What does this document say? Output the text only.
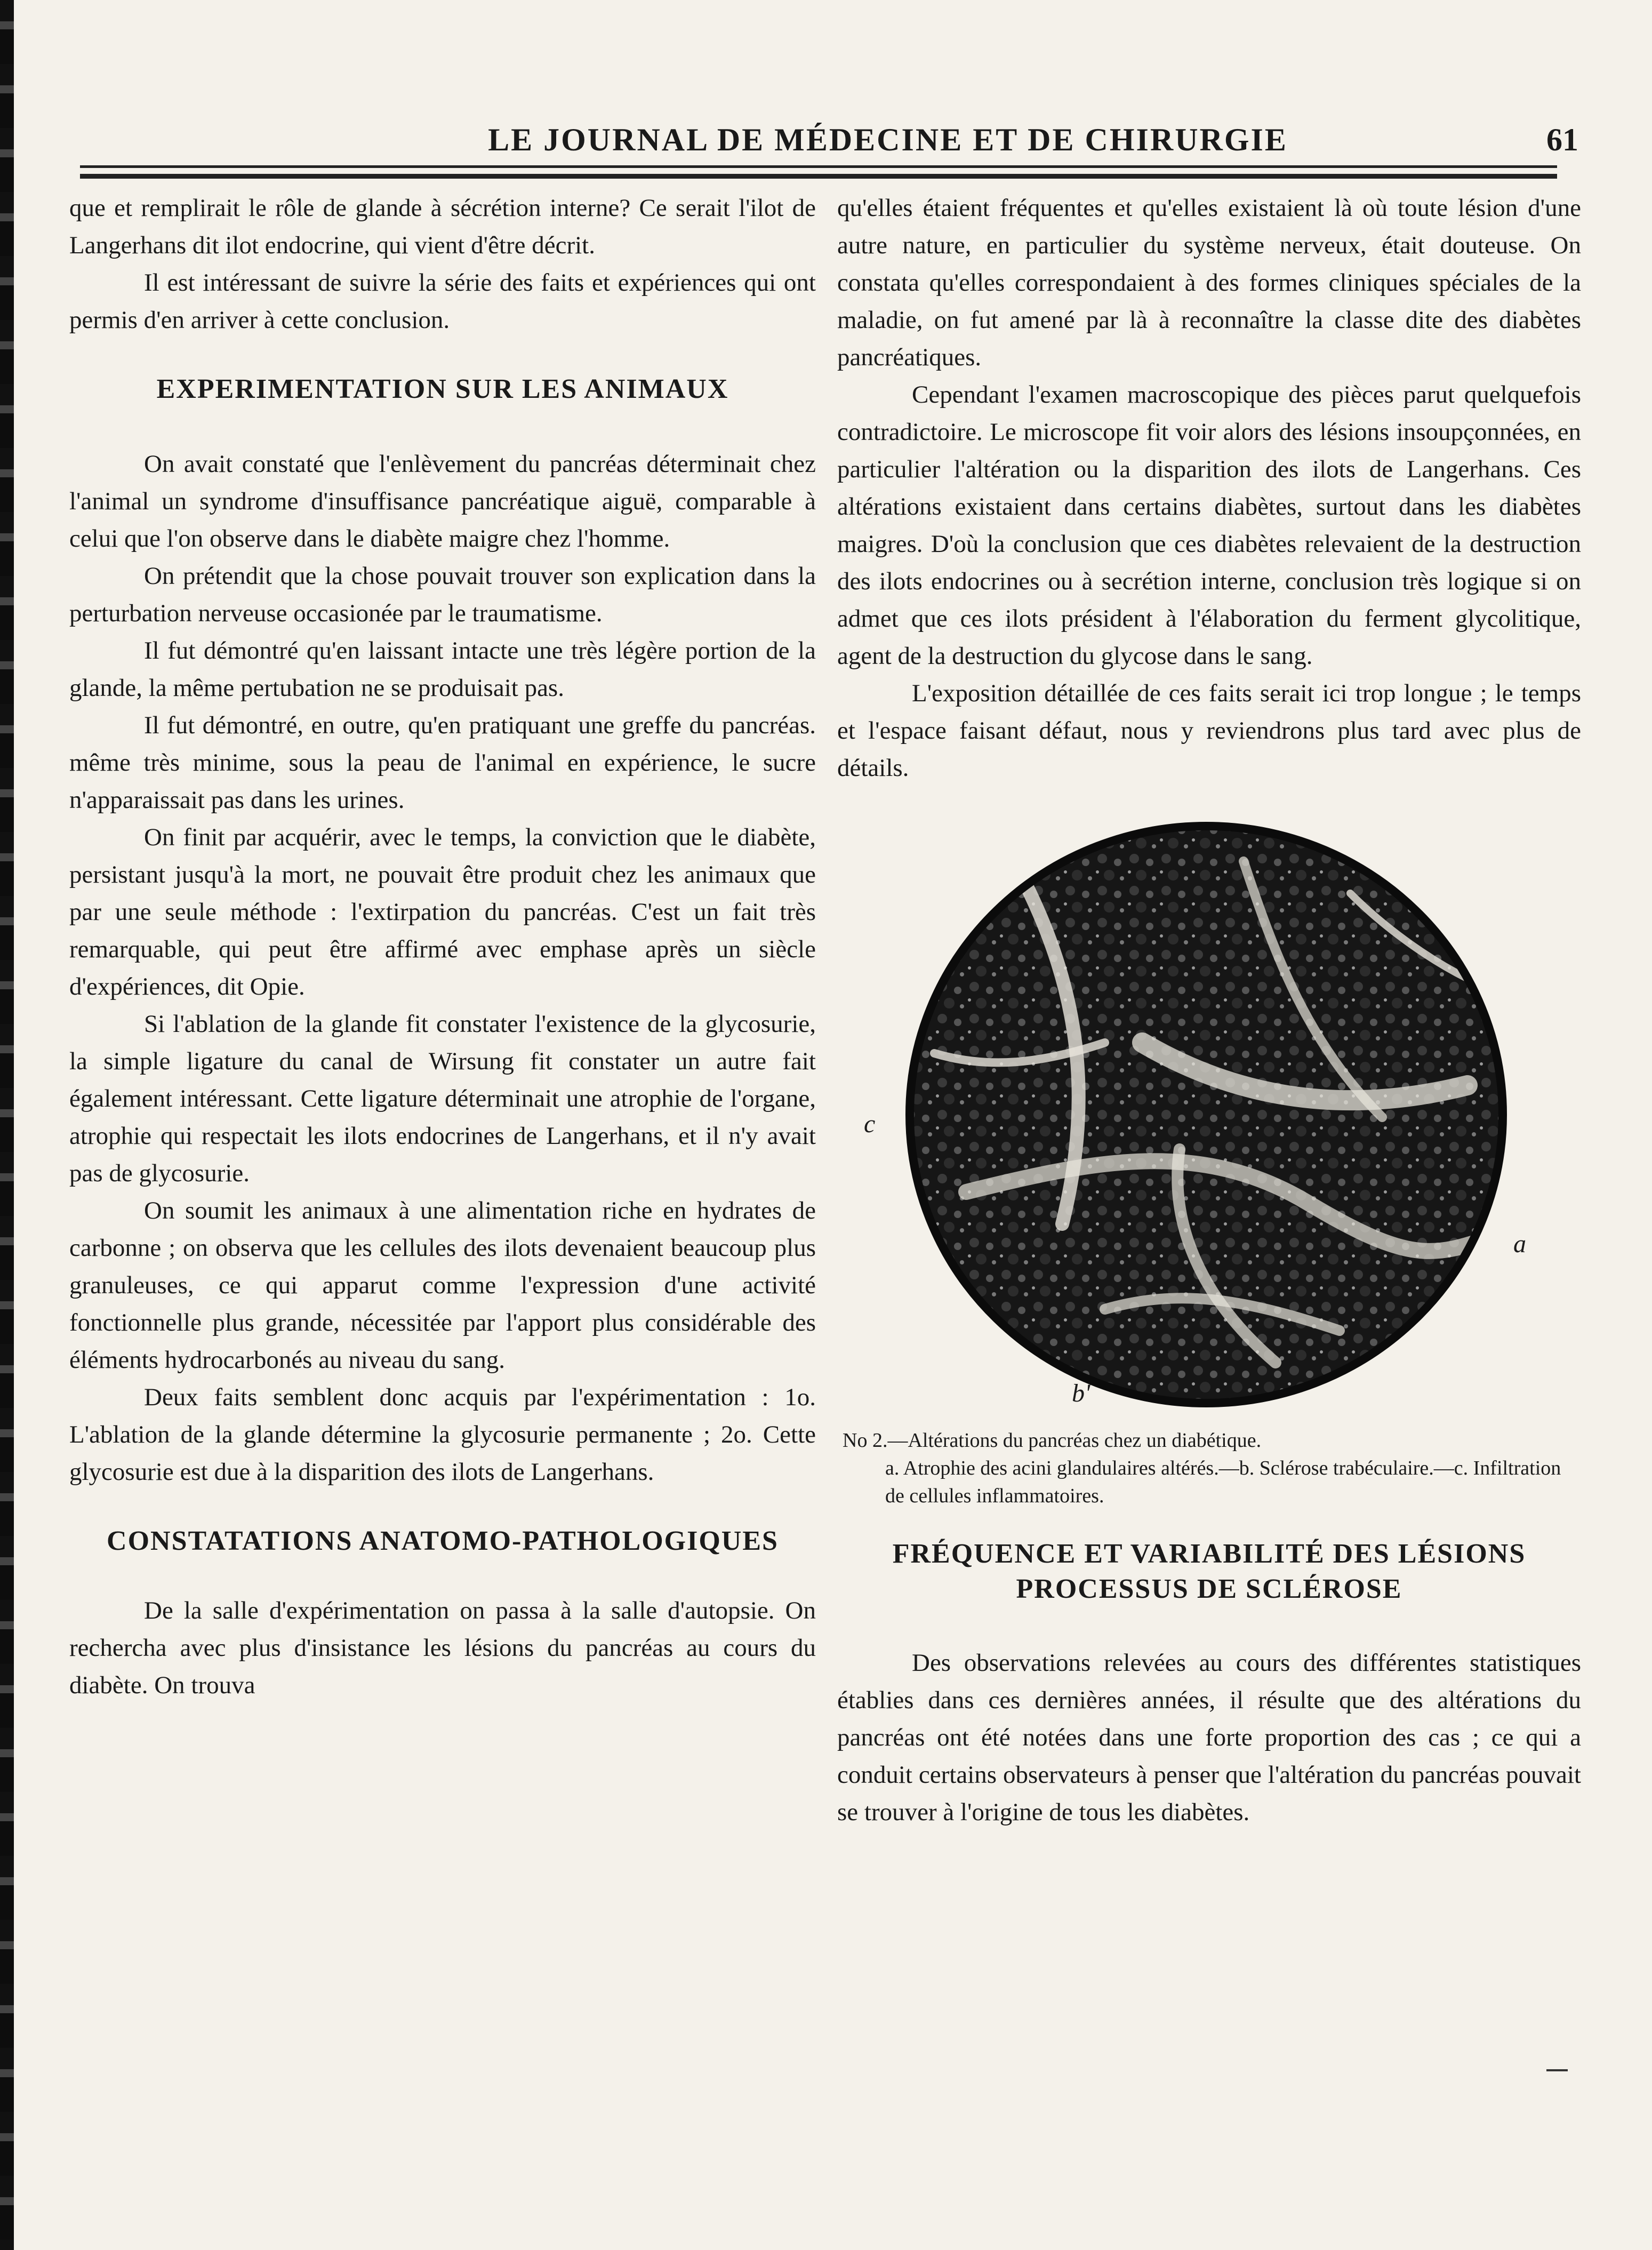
LE JOURNAL DE MÉDECINE ET DE CHIRURGIE	61

que et remplirait le rôle de glande à sécrétion interne? Ce serait l'ilot de Langerhans dit ilot endocrine, qui vient d'être décrit.

Il est intéressant de suivre la série des faits et expériences qui ont permis d'en arriver à cette conclusion.

EXPERIMENTATION SUR LES ANIMAUX

On avait constaté que l'enlèvement du pancréas déterminait chez l'animal un syndrome d'insuffisance pancréatique aiguë, comparable à celui que l'on observe dans le diabète maigre chez l'homme.

On prétendit que la chose pouvait trouver son explication dans la perturbation nerveuse occasionée par le traumatisme.

Il fut démontré qu'en laissant intacte une très légère portion de la glande, la même pertubation ne se produisait pas.

Il fut démontré, en outre, qu'en pratiquant une greffe du pancréas. même très minime, sous la peau de l'animal en expérience, le sucre n'apparaissait pas dans les urines.

On finit par acquérir, avec le temps, la conviction que le diabète, persistant jusqu'à la mort, ne pouvait être produit chez les animaux que par une seule méthode : l'extirpation du pancréas. C'est un fait très remarquable, qui peut être affirmé avec emphase après un siècle d'expériences, dit Opie.

Si l'ablation de la glande fit constater l'existence de la glycosurie, la simple ligature du canal de Wirsung fit constater un autre fait également intéressant. Cette ligature déterminait une atrophie de l'organe, atrophie qui respectait les ilots endocrines de Langerhans, et il n'y avait pas de glycosurie.

On soumit les animaux à une alimentation riche en hydrates de carbonne ; on observa que les cellules des ilots devenaient beaucoup plus granuleuses, ce qui apparut comme l'expression d'une activité fonctionnelle plus grande, nécessitée par l'apport plus considérable des éléments hydrocarbonés au niveau du sang.

Deux faits semblent donc acquis par l'expérimentation : 1o. L'ablation de la glande détermine la glycosurie permanente ; 2o. Cette glycosurie est due à la disparition des ilots de Langerhans.

CONSTATATIONS ANATOMO-PATHOLOGIQUES

De la salle d'expérimentation on passa à la salle d'autopsie. On rechercha avec plus d'insistance les lésions du pancréas au cours du diabète. On trouva

qu'elles étaient fréquentes et qu'elles existaient là où toute lésion d'une autre nature, en particulier du système nerveux, était douteuse. On constata qu'elles correspondaient à des formes cliniques spéciales de la maladie, on fut amené par là à reconnaître la classe dite des diabètes pancréatiques.

Cependant l'examen macroscopique des pièces parut quelquefois contradictoire. Le microscope fit voir alors des lésions insoupçonnées, en particulier l'altération ou la disparition des ilots de Langerhans. Ces altérations existaient dans certains diabètes, surtout dans les diabètes maigres. D'où la conclusion que ces diabètes relevaient de la destruction des ilots endocrines ou à secrétion interne, conclusion très logique si on admet que ces ilots président à l'élaboration du ferment glycolitique, agent de la destruction du glycose dans le sang.

L'exposition détaillée de ces faits serait ici trop longue ; le temps et l'espace faisant défaut, nous y reviendrons plus tard avec plus de détails.

c
a
b'

No 2.—Altérations du pancréas chez un diabétique.
a. Atrophie des acini glandulaires altérés.—b. Sclérose trabéculaire.—c. Infiltration de cellules inflammatoires.

FRÉQUENCE ET VARIABILITÉ DES LÉSIONS
PROCESSUS DE SCLÉROSE

Des observations relevées au cours des différentes statistiques établies dans ces dernières années, il résulte que des altérations du pancréas ont été notées dans une forte proportion des cas ; ce qui a conduit certains observateurs à penser que l'altération du pancréas pouvait se trouver à l'origine de tous les diabètes.
